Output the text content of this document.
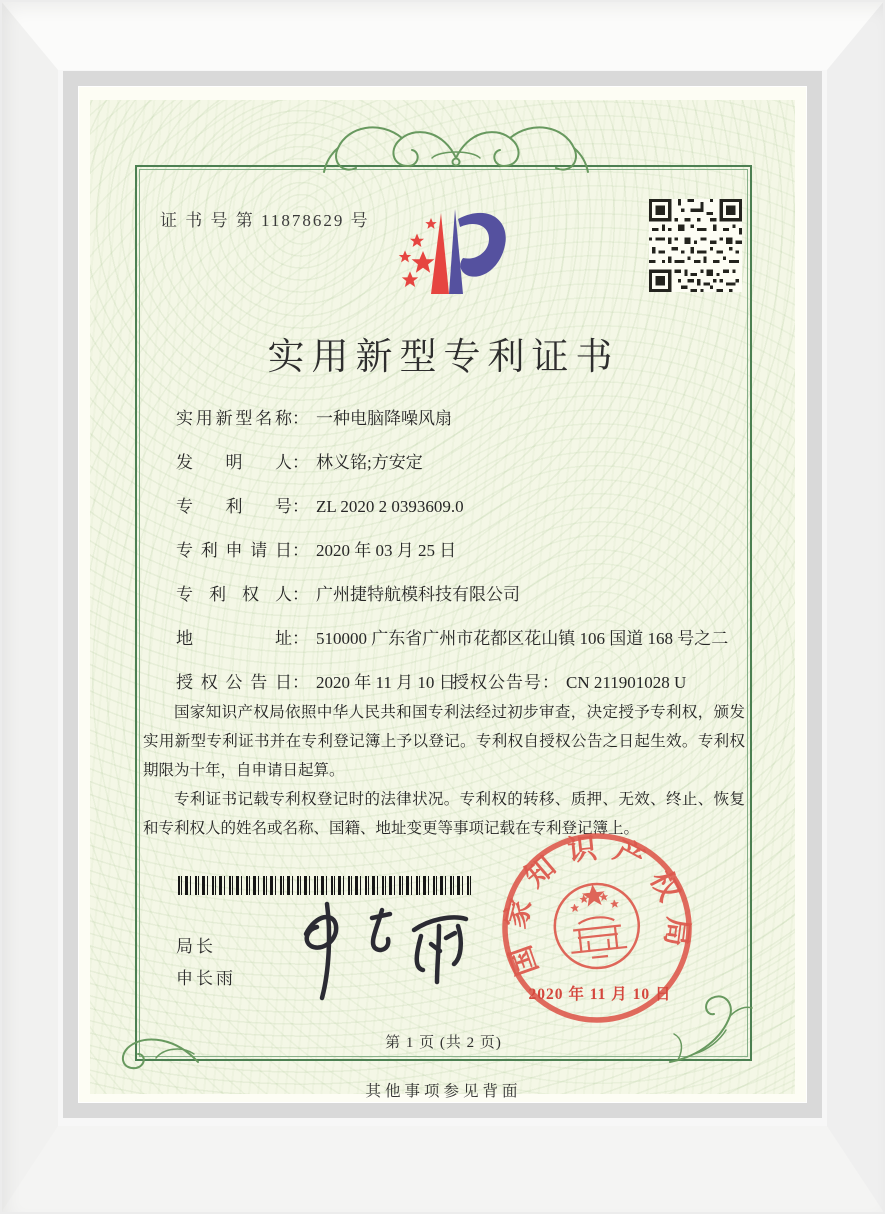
证 书 号 第 11878629 号
实用新型专利证书
实用新型名称： 一种电脑降噪风扇
发明人： 林义铭;方安定
专利号： ZL 2020 2 0393609.0
专利申请日： 2020 年 03 月 25 日
专利权人： 广州捷特航模科技有限公司
地址： 510000 广东省广州市花都区花山镇 106 国道 168 号之二
授权公告日： 2020 年 11 月 10 日
授权公告号： CN 211901028 U

国家知识产权局依照中华人民共和国专利法经过初步审查，决定授予专利权，颁发实用新型专利证书并在专利登记簿上予以登记。专利权自授权公告之日起生效。专利权期限为十年，自申请日起算。

专利证书记载专利权登记时的法律状况。专利权的转移、质押、无效、终止、恢复和专利权人的姓名或名称、国籍、地址变更等事项记载在专利登记簿上。

局长
申长雨	国家知识产权局
2020 年 11 月 10 日
第 1 页 (共 2 页)
其他事项参见背面
